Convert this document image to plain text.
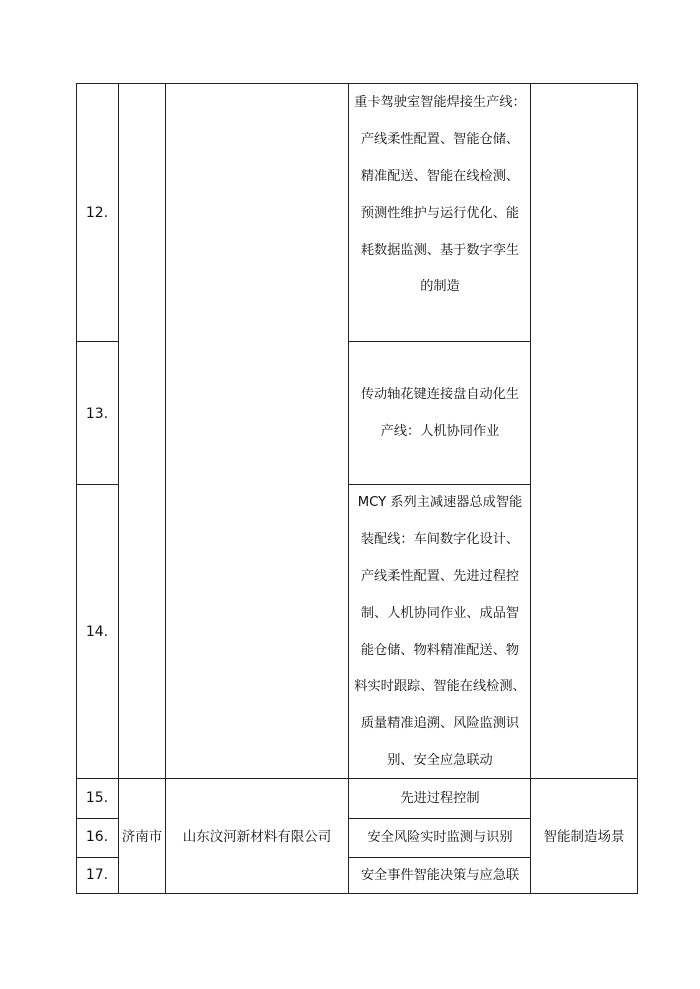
12.
13.
14.
15.
16.
17.
重卡驾驶室智能焊接生产线：
产线柔性配置、智能仓储、
精准配送、智能在线检测、
预测性维护与运行优化、能
耗数据监测、基于数字孪生
的制造
传动轴花键连接盘自动化生
产线：人机协同作业
MCY 系列主减速器总成智能
装配线：车间数字化设计、
产线柔性配置、先进过程控
制、人机协同作业、成品智
能仓储、物料精准配送、物
料实时跟踪、智能在线检测、
质量精准追溯、风险监测识
别、安全应急联动
先进过程控制
安全风险实时监测与识别
安全事件智能决策与应急联
济南市	山东汶河新材料有限公司	智能制造场景
